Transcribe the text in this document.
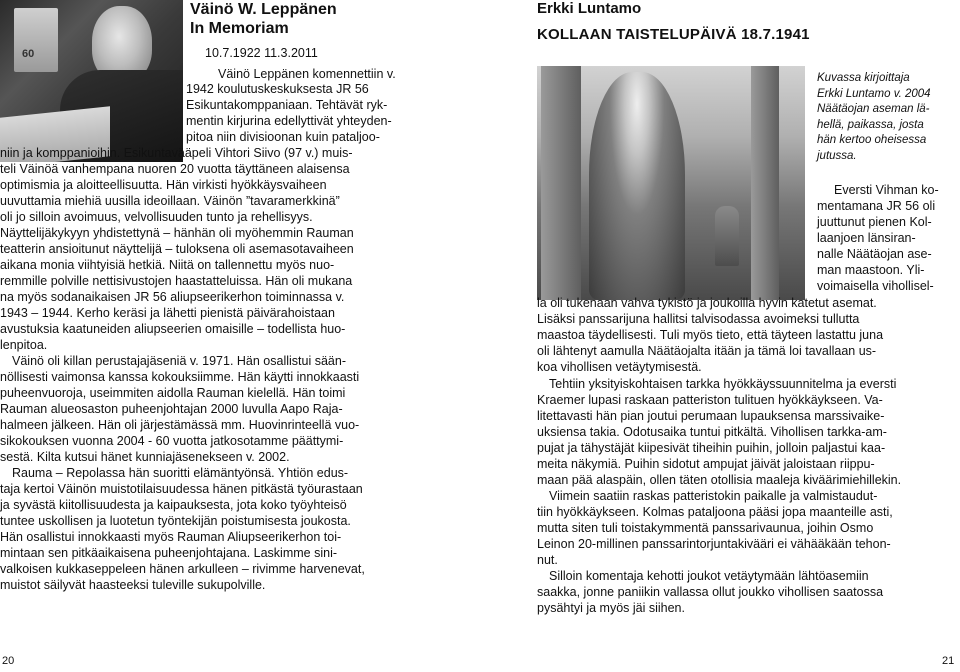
60
Väinö W. Leppänen
In Memoriam
10.7.1922 11.3.2011
Väinö Leppänen komennettiin v.
1942 koulutuskeskuksesta JR 56
Esikuntakomppaniaan. Tehtävät ryk-
mentin kirjurina edellyttivät yhteyden-
pitoa niin divisioonan kuin pataljoo-
niin ja komppanioihin. Esikuntavääpeli Vihtori Siivo (97 v.) muis-
teli Väinöä vanhempana nuoren 20 vuotta täyttäneen alaisensa
optimismia ja aloitteellisuutta. Hän virkisti hyökkäysvaiheen
uuvuttamia miehiä uusilla ideoillaan. Väinön ”tavaramerkkinä”
oli jo silloin avoimuus, velvollisuuden tunto ja rehellisyys.
Näyttelijäkykyyn yhdistettynä – hänhän oli myöhemmin Rauman
teatterin ansioitunut näyttelijä – tuloksena oli asemasotavaiheen
aikana monia viihtyisiä hetkiä. Niitä on tallennettu myös nuo-
remmille polville nettisivustojen haastatteluissa. Hän oli mukana
na myös sodanaikaisen JR 56 aliupseerikerhon toiminnassa v.
1943 – 1944. Kerho keräsi ja lähetti pienistä päivärahoistaan
avustuksia kaatuneiden aliupseerien omaisille – todellista huo-
lenpitoa.
Väinö oli killan perustajajäseniä v. 1971. Hän osallistui sään-
nöllisesti vaimonsa kanssa kokouksiimme. Hän käytti innokkaasti
puheenvuoroja, useimmiten aidolla Rauman kielellä. Hän toimi
Rauman alueosaston puheenjohtajan 2000 luvulla Aapo Raja-
halmeen jälkeen. Hän oli järjestämässä mm. Huovinrinteellä vuo-
sikokouksen vuonna 2004 - 60 vuotta jatkosotamme päättymi-
sestä. Kilta kutsui hänet kunniajäsenekseen v. 2002.
Rauma – Repolassa hän suoritti elämäntyönsä. Yhtiön edus-
taja kertoi Väinön muistotilaisuudessa hänen pitkästä työurastaan
ja syvästä kiitollisuudesta ja kaipauksesta, jota koko työyhteisö
tuntee uskollisen ja luotetun työntekijän poistumisesta joukosta.
Hän osallistui innokkaasti myös Rauman Aliupseerikerhon toi-
mintaan sen pitkäaikaisena puheenjohtajana. Laskimme sini-
valkoisen kukkaseppeleen hänen arkulleen – rivimme harvenevat,
muistot säilyvät haasteeksi tuleville sukupolville.
20
Erkki Luntamo
KOLLAAN TAISTELUPÄIVÄ 18.7.1941
Kuvassa kirjoittaja
Erkki Luntamo v. 2004
Näätäojan aseman lä-
hellä, paikassa, josta
hän kertoo oheisessa
jutussa.
Eversti Vihman ko-
mentamana JR 56 oli
juuttunut pienen Kol-
laanjoen länsiran-
nalle Näätäojan ase-
man maastoon. Yli-
voimaisella vihollisel-
la oli tukenaan vahva tykistö ja joukoilla hyvin katetut asemat.
Lisäksi panssarijuna hallitsi talvisodassa avoimeksi tullutta
maastoa täydellisesti. Tuli myös tieto, että täyteen lastattu juna
oli lähtenyt aamulla Näätäojalta itään ja tämä loi tavallaan us-
koa vihollisen vetäytymisestä.
Tehtiin yksityiskohtaisen tarkka hyökkäyssuunnitelma ja eversti
Kraemer lupasi raskaan patteriston tulituen hyökkäykseen. Va-
litettavasti hän pian joutui perumaan lupauksensa marssivaike-
uksiensa takia. Odotusaika tuntui pitkältä. Vihollisen tarkka-am-
pujat ja tähystäjät kiipesivät tiheihin puihin, jolloin paljastui kaa-
meita näkymiä. Puihin sidotut ampujat jäivät jaloistaan riippu-
maan pää alaspäin, ollen täten otollisia maaleja kiväärimiehillekin.
Viimein saatiin raskas patteristokin paikalle ja valmistaudut-
tiin hyökkäykseen. Kolmas pataljoona pääsi jopa maanteille asti,
mutta siten tuli toistakymmentä panssarivaunua, joihin Osmo
Leinon 20-millinen panssarintorjuntakivääri ei vähääkään tehon-
nut.
Silloin komentaja kehotti joukot vetäytymään lähtöasemiin
saakka, jonne paniikin vallassa ollut joukko vihollisen saatossa
pysähtyi ja myös jäi siihen.
21
